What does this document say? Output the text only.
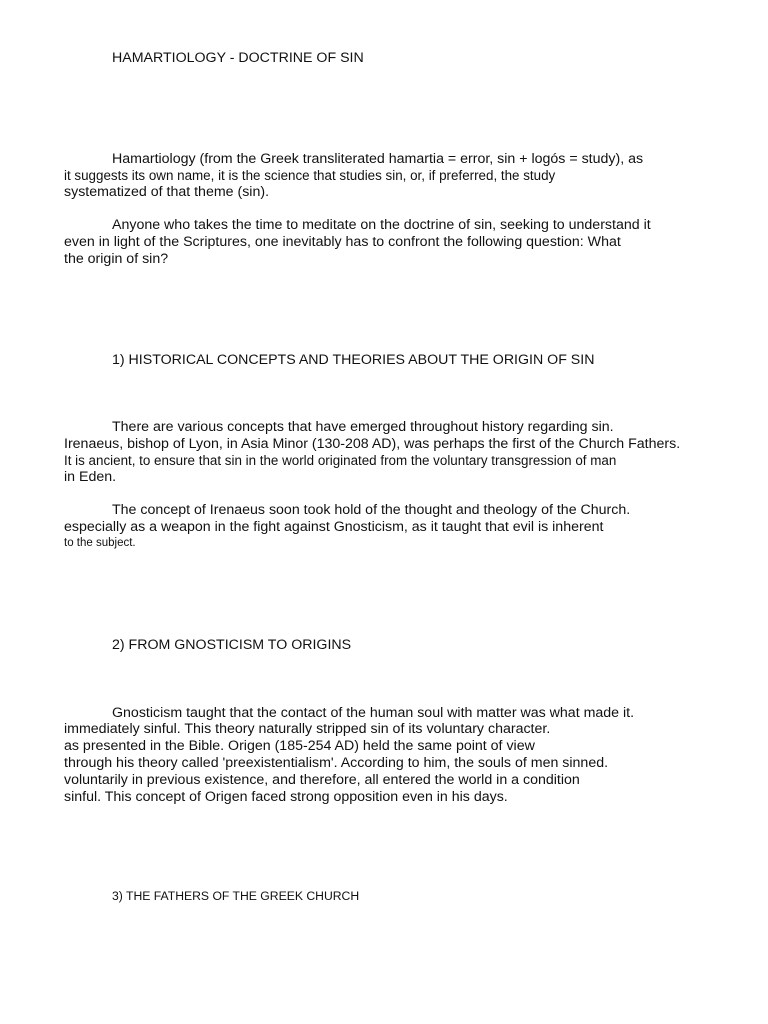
HAMARTIOLOGY - DOCTRINE OF SIN
Hamartiology (from the Greek transliterated hamartia = error, sin + logós = study), as
it suggests its own name, it is the science that studies sin, or, if preferred, the study
systematized of that theme (sin).
Anyone who takes the time to meditate on the doctrine of sin, seeking to understand it
even in light of the Scriptures, one inevitably has to confront the following question: What
the origin of sin?
1) HISTORICAL CONCEPTS AND THEORIES ABOUT THE ORIGIN OF SIN
There are various concepts that have emerged throughout history regarding sin.
Irenaeus, bishop of Lyon, in Asia Minor (130-208 AD), was perhaps the first of the Church Fathers.
It is ancient, to ensure that sin in the world originated from the voluntary transgression of man
in Eden.
The concept of Irenaeus soon took hold of the thought and theology of the Church.
especially as a weapon in the fight against Gnosticism, as it taught that evil is inherent
to the subject.
2) FROM GNOSTICISM TO ORIGINS
Gnosticism taught that the contact of the human soul with matter was what made it.
immediately sinful. This theory naturally stripped sin of its voluntary character.
as presented in the Bible. Origen (185-254 AD) held the same point of view
through his theory called 'preexistentialism'. According to him, the souls of men sinned.
voluntarily in previous existence, and therefore, all entered the world in a condition
sinful. This concept of Origen faced strong opposition even in his days.
3) THE FATHERS OF THE GREEK CHURCH
